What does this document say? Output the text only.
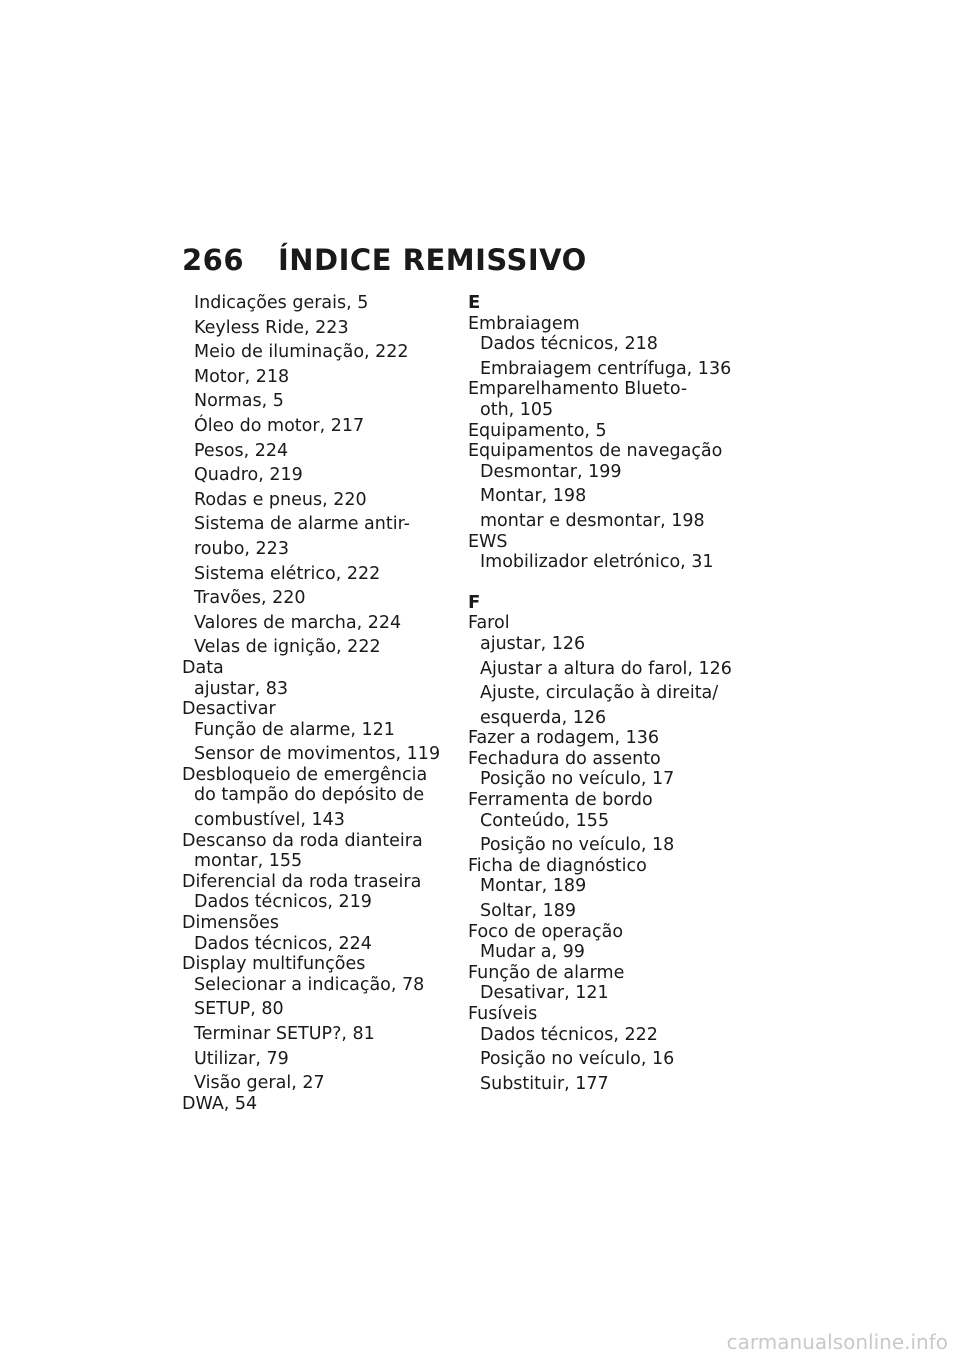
266 ÍNDICE REMISSIVO
Indicações gerais, 5
Keyless Ride, 223
Meio de iluminação, 222
Motor, 218
Normas, 5
Óleo do motor, 217
Pesos, 224
Quadro, 219
Rodas e pneus, 220
Sistema de alarme antir-
roubo, 223
Sistema elétrico, 222
Travões, 220
Valores de marcha, 224
Velas de ignição, 222
Data
ajustar, 83
Desactivar
Função de alarme, 121
Sensor de movimentos, 119
Desbloqueio de emergência
do tampão do depósito de
combustível, 143
Descanso da roda dianteira
montar, 155
Diferencial da roda traseira
Dados técnicos, 219
Dimensões
Dados técnicos, 224
Display multifunções
Selecionar a indicação, 78
SETUP, 80
Terminar SETUP?, 81
Utilizar, 79
Visão geral, 27
DWA, 54
E
Embraiagem
Dados técnicos, 218
Embraiagem centrífuga, 136
Emparelhamento Blueto-
oth, 105
Equipamento, 5
Equipamentos de navegação
Desmontar, 199
Montar, 198
montar e desmontar, 198
EWS
Imobilizador eletrónico, 31
F
Farol
ajustar, 126
Ajustar a altura do farol, 126
Ajuste, circulação à direita/
esquerda, 126
Fazer a rodagem, 136
Fechadura do assento
Posição no veículo, 17
Ferramenta de bordo
Conteúdo, 155
Posição no veículo, 18
Ficha de diagnóstico
Montar, 189
Soltar, 189
Foco de operação
Mudar a, 99
Função de alarme
Desativar, 121
Fusíveis
Dados técnicos, 222
Posição no veículo, 16
Substituir, 177
carmanualsonline.info
